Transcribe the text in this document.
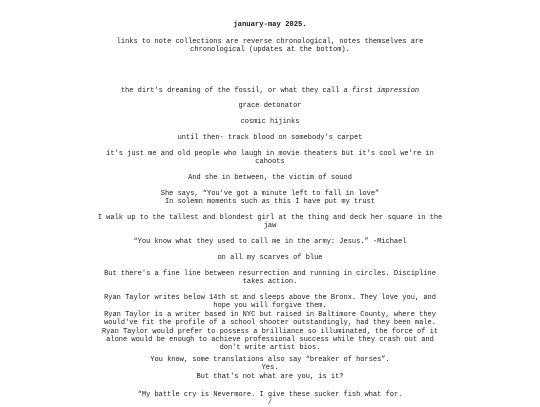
january-may 2025.

links to note collections are reverse chronological, notes themselves are chronological (updates at the bottom).

the dirt's dreaming of the fossil, or what they call a first impression

grace detonator

cosmic hijinks

until then- track blood on somebody's carpet

it's just me and old people who laugh in movie theaters but it's cool we're in cahoots

And she in between, the victim of sound

She says, “You've got a minute left to fall in love”
In solemn moments such as this I have put my trust

I walk up to the tallest and blondest girl at the thing and deck her square in the jaw

“You know what they used to call me in the army: Jesus.” -Michael

on all my scarves of blue

But there's a fine line between resurrection and running in circles. Discipline takes action.

Ryan Taylor writes below 14th st and sleeps above the Bronx. They love you, and hope you will forgive them.
Ryan Taylor is a writer based in NYC but raised in Baltimore County, where they would've fit the profile of a school shooter outstandingly, had they been male. Ryan Taylor would prefer to possess a brilliance so illuminated, the force of it alone would be enough to achieve professional success while they crash out and don't write artist bios.
You know, some translations also say “breaker of horses”.
Yes.
But that's not what are you, is it?

“My battle cry is Nevermore. I give these sucker fish what for.

/
